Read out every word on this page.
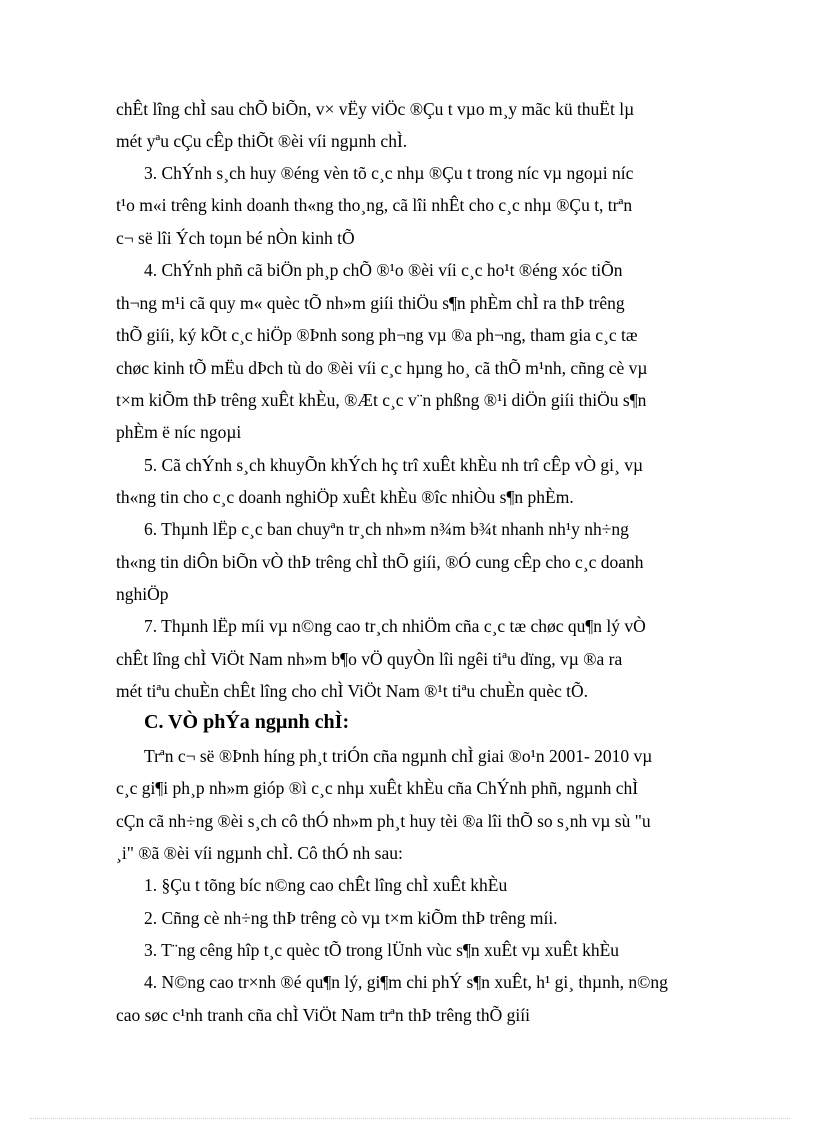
chÊt lîng chÌ sau chÕ biÕn, v× vËy viÖc ®Çu t vµo m¸y mãc kü thuËt lµ
mét yªu cÇu cÊp thiÕt ®èi víi ngµnh chÌ.
3. ChÝnh s¸ch huy ®éng vèn tõ c¸c nhµ ®Çu t trong níc vµ ngoµi níc
t¹o m«i trêng kinh doanh th«ng tho¸ng, cã lîi nhÊt cho c¸c nhµ ®Çu t, trªn
c¬ së lîi Ých toµn bé nÒn kinh tÕ
4. ChÝnh phñ cã biÖn ph¸p chÕ ®¹o ®èi víi c¸c ho¹t ®éng xóc tiÕn
th¬ng m¹i cã quy m« quèc tÕ nh»m giíi thiÖu s¶n phÈm chÌ ra thÞ trêng
thÕ giíi, ký kÕt c¸c hiÖp ®Þnh song ph¬ng vµ ®a ph¬ng, tham gia c¸c tæ
chøc kinh tÕ mËu dÞch tù do ®èi víi c¸c hµng ho¸ cã thÕ m¹nh, cñng cè vµ
t×m kiÕm thÞ trêng xuÊt khÈu, ®Æt c¸c v¨n phßng ®¹i diÖn giíi thiÖu s¶n
phÈm ë níc ngoµi
5. Cã chÝnh s¸ch khuyÕn khÝch hç trî xuÊt khÈu nh trî cÊp vÒ gi¸ vµ
th«ng tin cho c¸c doanh nghiÖp xuÊt khÈu ®îc nhiÒu s¶n phÈm.
6. Thµnh lËp c¸c ban chuyªn tr¸ch nh»m n¾m b¾t nhanh nh¹y nh÷ng
th«ng tin diÔn biÕn vÒ thÞ trêng chÌ thÕ giíi, ®Ó cung cÊp cho c¸c doanh
nghiÖp
7. Thµnh lËp míi vµ n©ng cao tr¸ch nhiÖm cña c¸c tæ chøc qu¶n lý vÒ
chÊt lîng chÌ ViÖt Nam nh»m b¶o vÖ quyÒn lîi ngêi tiªu dïng, vµ ®a ra
mét tiªu chuÈn chÊt lîng cho chÌ ViÖt Nam ®¹t tiªu chuÈn quèc tÕ.
C. VÒ phÝa ngµnh chÌ:
Trªn c¬ së ®Þnh híng ph¸t triÓn cña ngµnh chÌ giai ®o¹n 2001- 2010 vµ
c¸c gi¶i ph¸p nh»m gióp ®ì c¸c nhµ xuÊt khÈu cña ChÝnh phñ, ngµnh chÌ
cÇn cã nh÷ng ®èi s¸ch cô thÓ nh»m ph¸t huy tèi ®a lîi thÕ so s¸nh vµ sù "u
¸i" ®ã ®èi víi ngµnh chÌ. Cô thÓ nh sau:
1. §Çu t tõng bíc n©ng cao chÊt lîng chÌ xuÊt khÈu
2. Cñng cè nh÷ng thÞ trêng cò vµ t×m kiÕm thÞ trêng míi.
3. T¨ng cêng hîp t¸c quèc tÕ trong lÜnh vùc s¶n xuÊt vµ xuÊt khÈu
4. N©ng cao tr×nh ®é qu¶n lý, gi¶m chi phÝ s¶n xuÊt, h¹ gi¸ thµnh, n©ng
cao søc c¹nh tranh cña chÌ ViÖt Nam trªn thÞ trêng thÕ giíi
